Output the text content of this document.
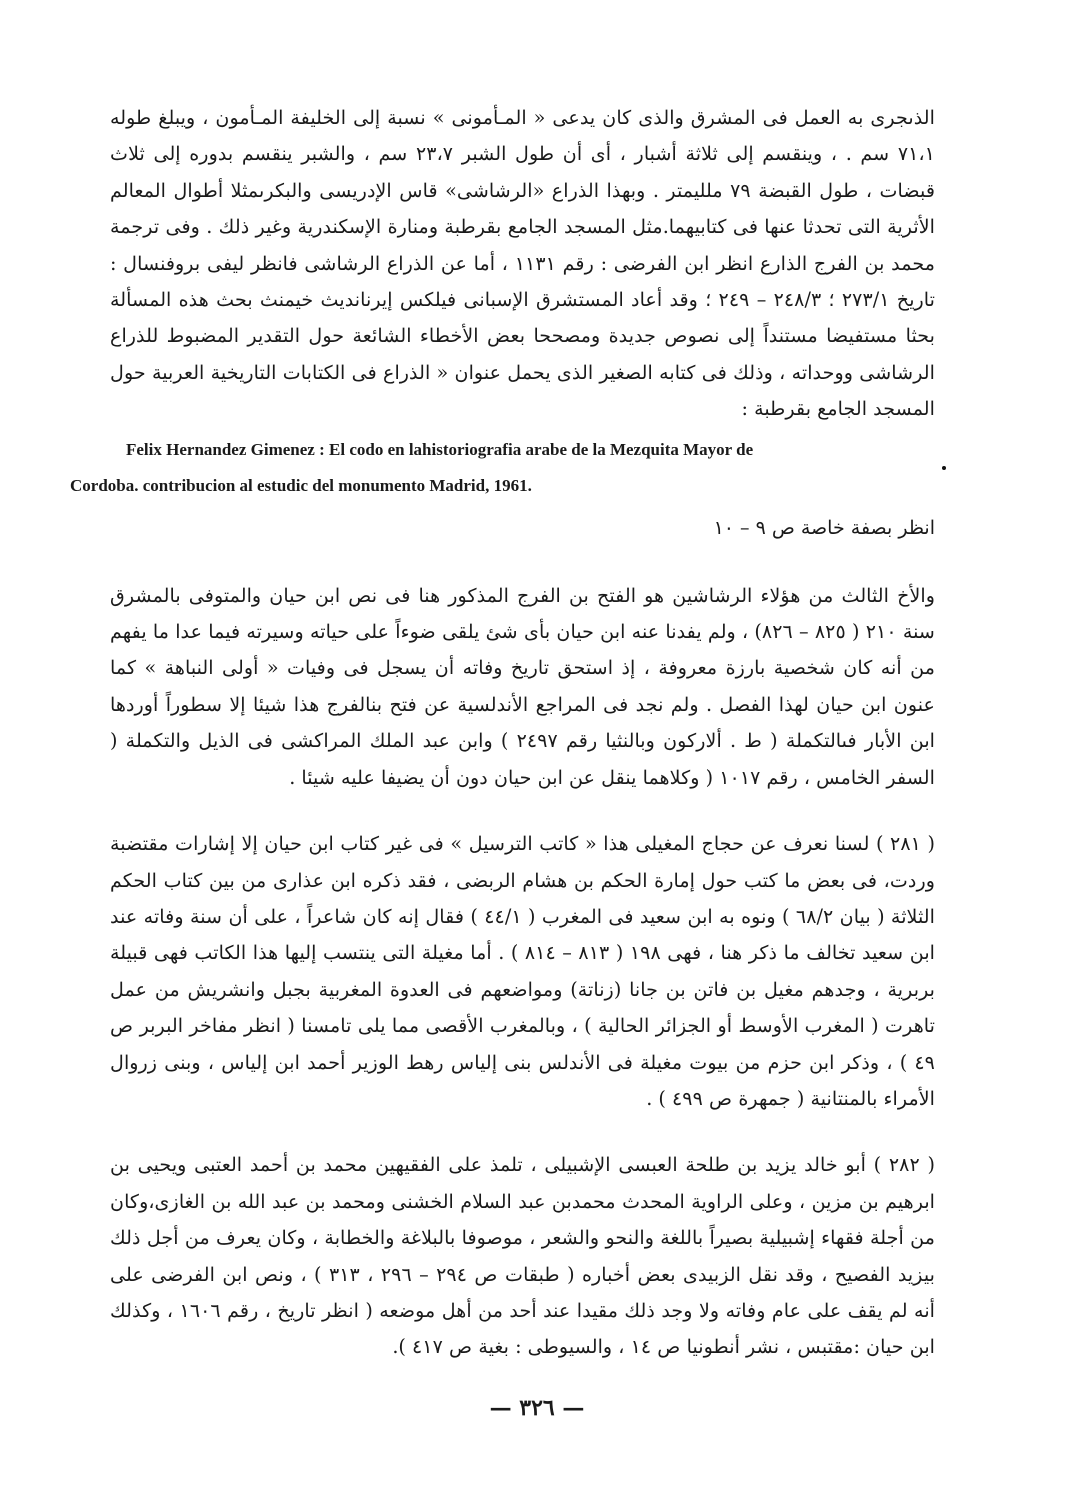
الذىجرى به العمل فى المشرق والذى كان يدعى « المـأمونى » نسبة إلى الخليفة المـأمون ، ويبلغ طوله ٧١،١ سم . ، وينقسم إلى ثلاثة أشبار ، أى أن طول الشبر ٢٣،٧ سم ، والشبر ينقسم بدوره إلى ثلاث قبضات ، طول القبضة ٧٩ ملليمتر . وبهذا الذراع «الرشاشى» قاس الإدريسى والبكرىمثلا أطوال المعالم الأثرية التى تحدثا عنها فى كتابيهما.مثل المسجد الجامع بقرطبة ومنارة الإسكندرية وغير ذلك . وفى ترجمة محمد بن الفرج الذارع انظر ابن الفرضى : رقم ١١٣١ ، أما عن الذراع الرشاشى فانظر ليفى بروفنسال : تاريخ ٢٧٣/١ ؛ ٢٤٨/٣ – ٢٤٩ ؛ وقد أعاد المستشرق الإسبانى فيلكس إيرنانديث خيمنث بحث هذه المسألة بحثا مستفيضا مستنداً إلى نصوص جديدة ومصححا بعض الأخطاء الشائعة حول التقدير المضبوط للذراع الرشاشى ووحداته ، وذلك فى كتابه الصغير الذى يحمل عنوان « الذراع فى الكتابات التاريخية العربية حول المسجد الجامع بقرطبة :

Felix Hernandez Gimenez : El codo en lahistoriografia arabe de la Mezquita Mayor de

Cordoba. contribucion al estudic del monumento Madrid, 1961.

انظر بصفة خاصة ص ٩ – ١٠

والأخ الثالث من هؤلاء الرشاشين هو الفتح بن الفرج المذكور هنا فى نص ابن حيان والمتوفى بالمشرق سنة ٢١٠ ( ٨٢٥ – ٨٢٦) ، ولم يفدنا عنه ابن حيان بأى شئ يلقى ضوءاً على حياته وسيرته فيما عدا ما يفهم من أنه كان شخصية بارزة معروفة ، إذ استحق تاريخ وفاته أن يسجل فى وفيات « أولى النباهة » كما عنون ابن حيان لهذا الفصل . ولم نجد فى المراجع الأندلسية عن فتح بنالفرج هذا شيئا إلا سطوراً أوردها ابن الأبار فىالتكملة ( ط . ألاركون وبالنثيا رقم ٢٤٩٧ ) وابن عبد الملك المراكشى فى الذيل والتكملة ( السفر الخامس ، رقم ١٠١٧ ( وكلاهما ينقل عن ابن حيان دون أن يضيفا عليه شيئا .

( ٢٨١ ) لسنا نعرف عن حجاج المغيلى هذا « كاتب الترسيل » فى غير كتاب ابن حيان إلا إشارات مقتضبة وردت، فى بعض ما كتب حول إمارة الحكم بن هشام الربضى ، فقد ذكره ابن عذارى من بين كتاب الحكم الثلاثة ( بيان ٦٨/٢ ) ونوه به ابن سعيد فى المغرب ( ٤٤/١ ) فقال إنه كان شاعراً ، على أن سنة وفاته عند ابن سعيد تخالف ما ذكر هنا ، فهى ١٩٨ ( ٨١٣ – ٨١٤ ) . أما مغيلة التى ينتسب إليها هذا الكاتب فهى قبيلة بربرية ، وجدهم مغيل بن فاتن بن جانا (زناتة) ومواضعهم فى العدوة المغربية بجبل وانشريش من عمل تاهرت ( المغرب الأوسط أو الجزائر الحالية ) ، وبالمغرب الأقصى مما يلى تامسنا ( انظر مفاخر البربر ص ٤٩ ) ، وذكر ابن حزم من بيوت مغيلة فى الأندلس بنى إلياس رهط الوزير أحمد ابن إلياس ، وبنى زروال الأمراء بالمنتانية ( جمهرة ص ٤٩٩ ) .

( ٢٨٢ ) أبو خالد يزيد بن طلحة العبسى الإشبيلى ، تلمذ على الفقيهين محمد بن أحمد العتبى ويحيى بن ابرهيم بن مزين ، وعلى الراوية المحدث محمدبن عبد السلام الخشنى ومحمد بن عبد الله بن الغازى،وكان من أجلة فقهاء إشبيلية بصيراً باللغة والنحو والشعر ، موصوفا بالبلاغة والخطابة ، وكان يعرف من أجل ذلك بيزيد الفصيح ، وقد نقل الزبيدى بعض أخباره ( طبقات ص ٢٩٤ – ٢٩٦ ، ٣١٣ ) ، ونص ابن الفرضى على أنه لم يقف على عام وفاته ولا وجد ذلك مقيدا عند أحد من أهل موضعه ( انظر تاريخ ، رقم ١٦٠٦ ، وكذلك ابن حيان :مقتبس ، نشر أنطونيا ص ١٤ ، والسيوطى : بغية ص ٤١٧ ).

— ٣٢٦ —
